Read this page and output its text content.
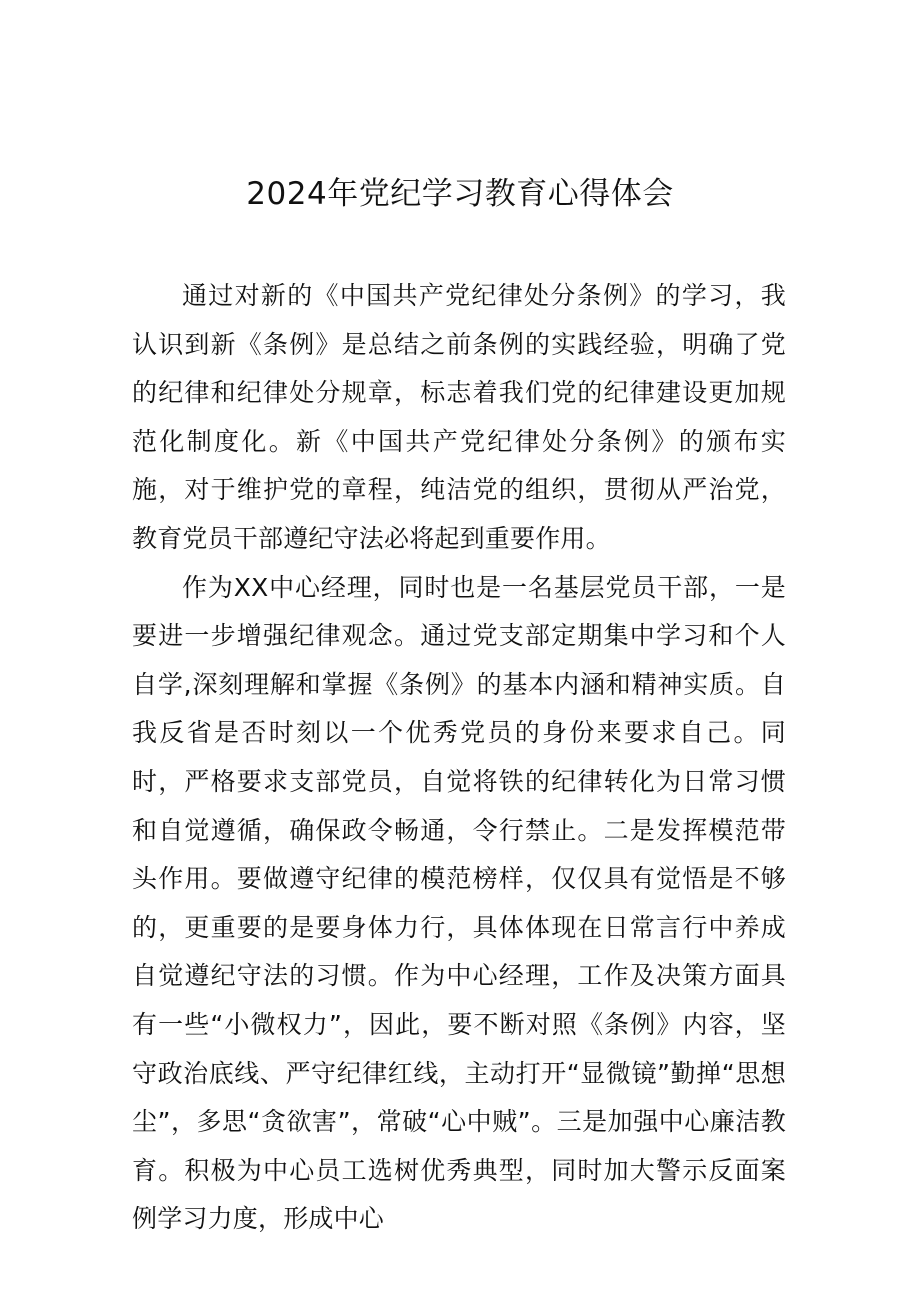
2024年党纪学习教育心得体会

通过对新的《中国共产党纪律处分条例》的学习，我认识到新《条例》是总结之前条例的实践经验，明确了党的纪律和纪律处分规章，标志着我们党的纪律建设更加规范化制度化。新《中国共产党纪律处分条例》的颁布实施，对于维护党的章程，纯洁党的组织，贯彻从严治党，教育党员干部遵纪守法必将起到重要作用。

作为XX中心经理，同时也是一名基层党员干部，一是要进一步增强纪律观念。通过党支部定期集中学习和个人自学,深刻理解和掌握《条例》的基本内涵和精神实质。自我反省是否时刻以一个优秀党员的身份来要求自己。同时，严格要求支部党员，自觉将铁的纪律转化为日常习惯和自觉遵循，确保政令畅通，令行禁止。二是发挥模范带头作用。要做遵守纪律的模范榜样，仅仅具有觉悟是不够的，更重要的是要身体力行，具体体现在日常言行中养成自觉遵纪守法的习惯。作为中心经理，工作及决策方面具有一些“小微权力”，因此，要不断对照《条例》内容，坚守政治底线、严守纪律红线，主动打开“显微镜”勤掸“思想尘”，多思“贪欲害”，常破“心中贼”。三是加强中心廉洁教育。积极为中心员工选树优秀典型，同时加大警示反面案例学习力度，形成中心
